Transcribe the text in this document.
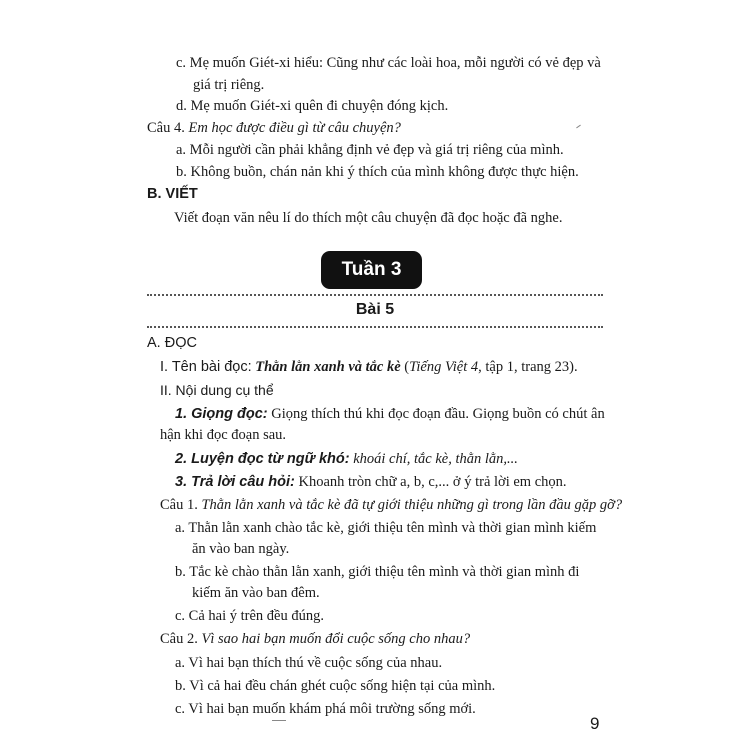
c. Mẹ muốn Giét-xi hiểu: Cũng như các loài hoa, mỗi người có vẻ đẹp và
giá trị riêng.
d. Mẹ muốn Giét-xi quên đi chuyện đóng kịch.
Câu 4. Em học được điều gì từ câu chuyện?
a. Mỗi người cần phải khẳng định vẻ đẹp và giá trị riêng của mình.
b. Không buồn, chán nản khi ý thích của mình không được thực hiện.
B. VIẾT
Viết đoạn văn nêu lí do thích một câu chuyện đã đọc hoặc đã nghe.
Tuần 3
Bài 5
A. ĐỌC
I. Tên bài đọc: Thằn lằn xanh và tắc kè (Tiếng Việt 4, tập 1, trang 23).
II. Nội dung cụ thể
1. Giọng đọc: Giọng thích thú khi đọc đoạn đầu. Giọng buồn có chút ân
hận khi đọc đoạn sau.
2. Luyện đọc từ ngữ khó: khoái chí, tắc kè, thằn lằn,...
3. Trả lời câu hỏi: Khoanh tròn chữ a, b, c,... ở ý trả lời em chọn.
Câu 1. Thằn lằn xanh và tắc kè đã tự giới thiệu những gì trong lần đầu gặp gỡ?
a. Thằn lằn xanh chào tắc kè, giới thiệu tên mình và thời gian mình kiếm
ăn vào ban ngày.
b. Tắc kè chào thằn lằn xanh, giới thiệu tên mình và thời gian mình đi
kiếm ăn vào ban đêm.
c. Cả hai ý trên đều đúng.
Câu 2. Vì sao hai bạn muốn đổi cuộc sống cho nhau?
a. Vì hai bạn thích thú về cuộc sống của nhau.
b. Vì cả hai đều chán ghét cuộc sống hiện tại của mình.
c. Vì hai bạn muốn khám phá môi trường sống mới.
9
